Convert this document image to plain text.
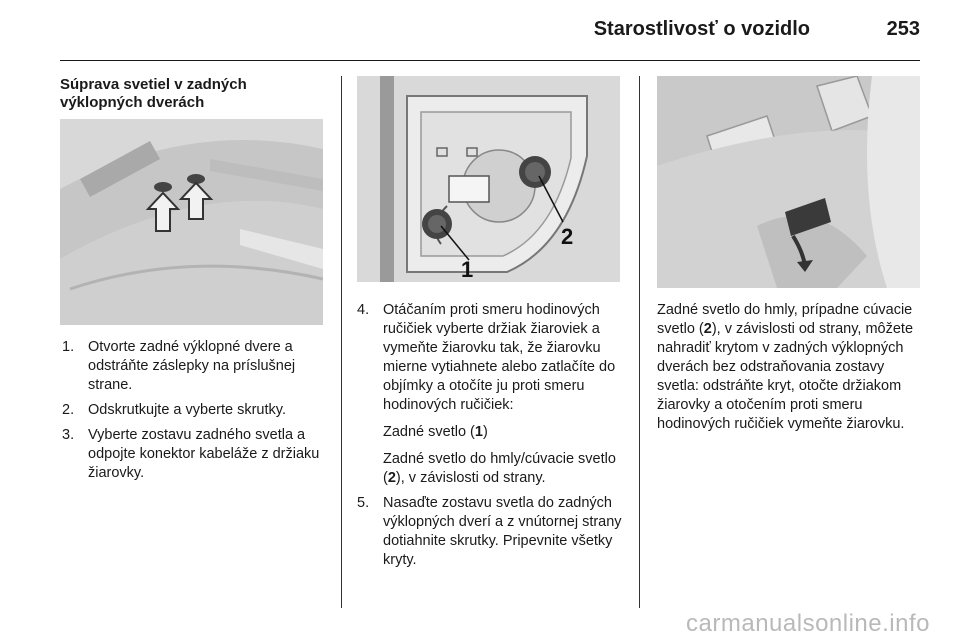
Starostlivosť o vozidlo	253
Súprava svetiel v zadných výklopných dverách
1. Otvorte zadné výklopné dvere a odstráňte záslepky na príslušnej strane.
2. Odskrutkujte a vyberte skrutky.
3. Vyberte zostavu zadného svetla a odpojte konektor kabeláže z držiaku žiarovky.
1
2
4. Otáčaním proti smeru hodinových ručičiek vyberte držiak žiaroviek a vymeňte žiarovku tak, že žiarovku mierne vytiahnete alebo zatlačíte do objímky a otočíte ju proti smeru hodinových ručičiek:
Zadné svetlo (1)
Zadné svetlo do hmly/cúvacie svetlo (2), v závislosti od strany.
5. Nasaďte zostavu svetla do zadných výklopných dverí a z vnútornej strany dotiahnite skrutky. Pripevnite všetky kryty.
Zadné svetlo do hmly, prípadne cúvacie svetlo (2), v závislosti od strany, môžete nahradiť krytom v zadných výklopných dverách bez odstraňovania zostavy svetla: odstráňte kryt, otočte držiakom žiarovky a otočením proti smeru hodinových ručičiek vymeňte žiarovku.
carmanualsonline.info
